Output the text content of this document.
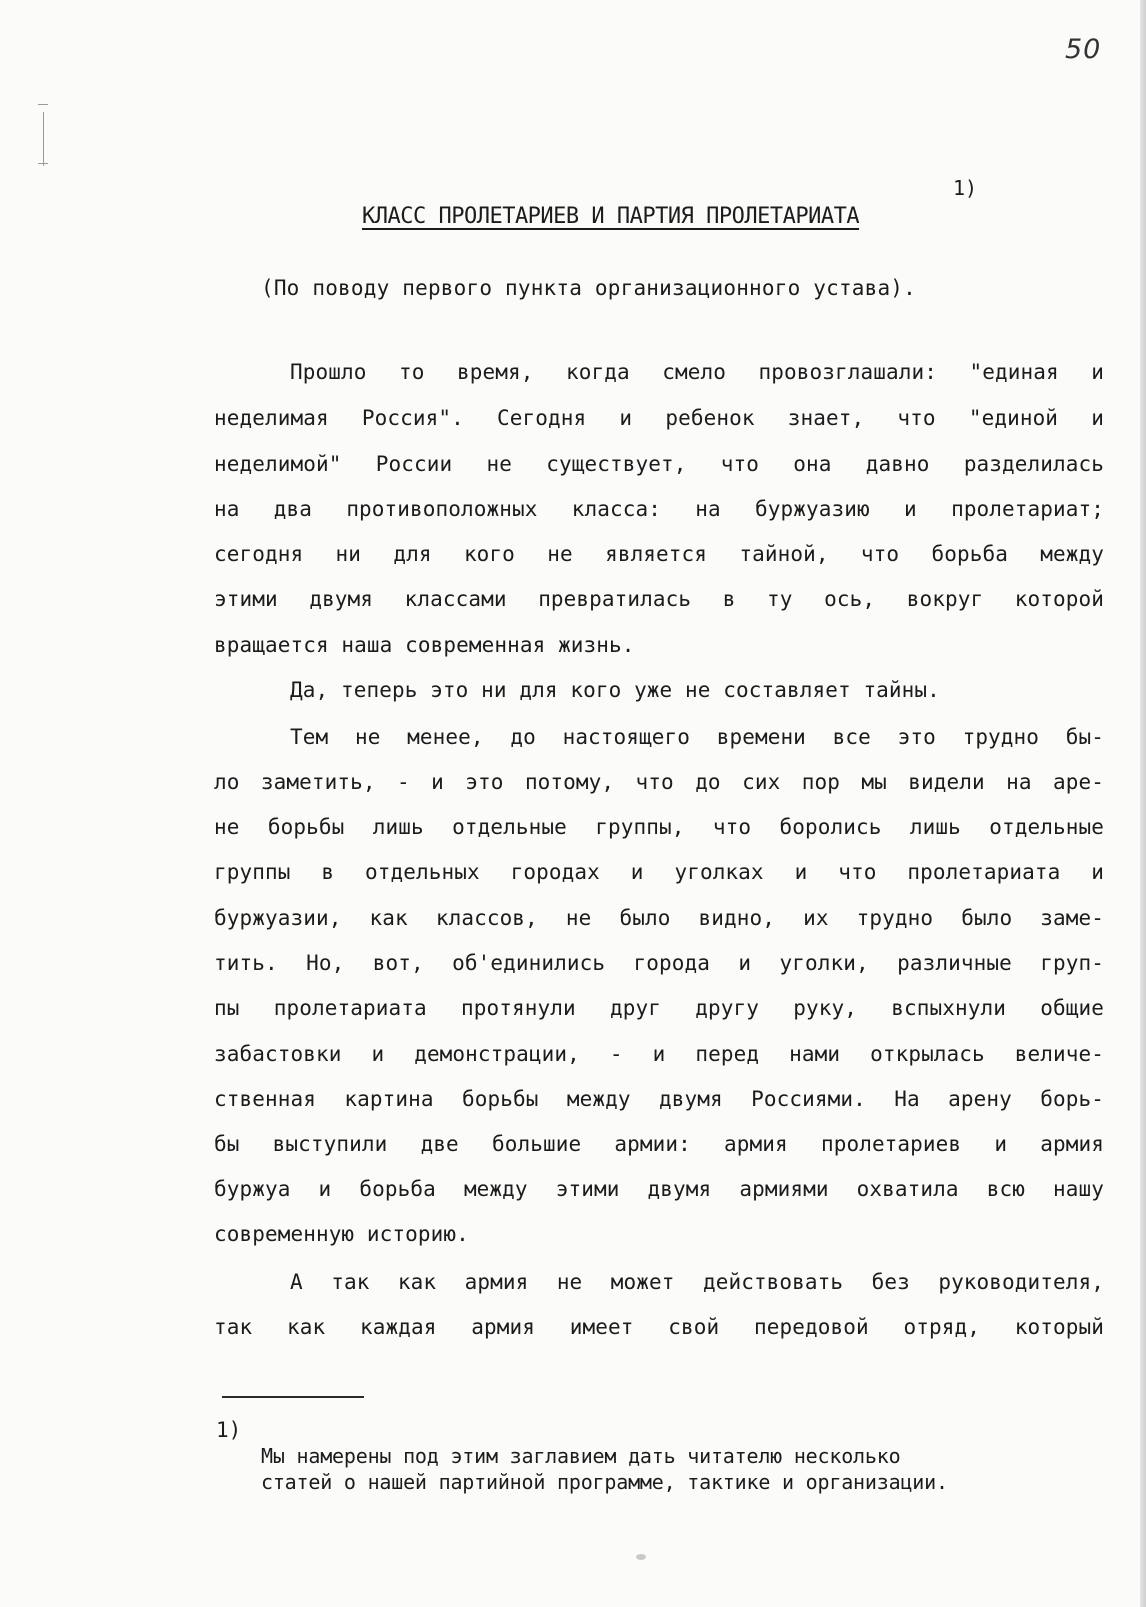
50
КЛАСС ПРОЛЕТАРИЕВ И ПАРТИЯ ПРОЛЕТАРИАТА
1)
(По поводу первого пункта организационного устава).
Прошло то время, когда смело провозглашали: "единая и
неделимая Россия". Сегодня и ребенок знает, что "единой и
неделимой" России не существует, что она давно разделилась
на два противоположных класса: на буржуазию и пролетариат;
сегодня ни для кого не является тайной, что борьба между
этими двумя классами превратилась в ту ось, вокруг которой
вращается наша современная жизнь.
Да, теперь это ни для кого уже не составляет тайны.
Тем не менее, до настоящего времени все это трудно бы-
ло заметить, - и это потому, что до сих пор мы видели на аре-
не борьбы лишь отдельные группы, что боролись лишь отдельные
группы в отдельных городах и уголках и что пролетариата и
буржуазии, как классов, не было видно, их трудно было заме-
тить. Но, вот, об'единились города и уголки, различные груп-
пы пролетариата протянули друг другу руку, вспыхнули общие
забастовки и демонстрации, - и перед нами открылась величе-
ственная картина борьбы между двумя Россиями. На арену борь-
бы выступили две большие армии: армия пролетариев и армия
буржуа и борьба между этими двумя армиями охватила всю нашу
современную историю.
А так как армия не может действовать без руководителя,
так как каждая армия имеет свой передовой отряд, который
1)
Мы намерены под этим заглавием дать читателю несколько
статей о нашей партийной программе, тактике и организации.
